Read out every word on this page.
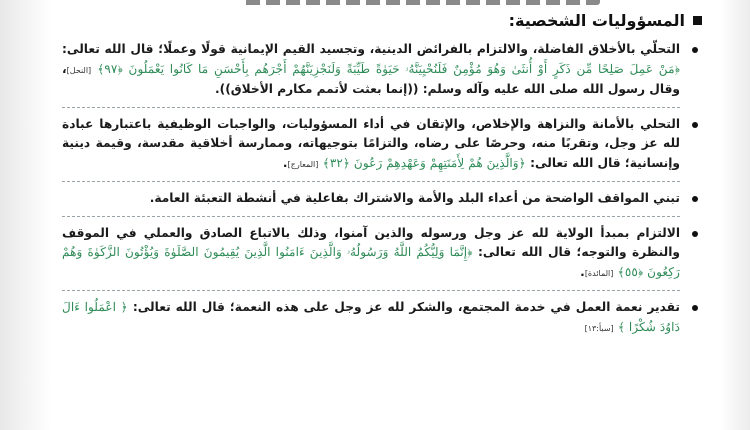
المسؤوليات الشخصية:
التحلّي بالأخلاق الفاضلة، والالتزام بالفرائض الدينية، وتجسيد القيم الإيمانية قولًا وعملًا؛ قال الله تعالى: ﴿مَنْ عَمِلَ صَلِحًا مِّن ذَكَرٍ أَوْ أُنثَىٰ وَهُوَ مُؤْمِنٌ فَلَنُحْيِيَنَّهُۥ حَيَوٰةً طَيِّبَةً وَلَنَجْزِيَنَّهُمْ أَجْرَهُم بِأَحْسَنِ مَا كَانُوا يَعْمَلُونَ ﴿٩٧﴾ [النحل]، وقال رسول الله صلى الله عليه وآله وسلم: ((إنما بعثت لأتمم مكارم الأخلاق)).
التحلي بالأمانة والنزاهة والإخلاص، والإتقان في أداء المسؤوليات، والواجبات الوظيفية باعتبارها عبادة لله عز وجل، وتقربًا منه، وحرصًا على رضاه، والتزامًا بتوجيهاته، وممارسة أخلاقية مقدسة، وقيمة دينية وإنسانية؛ قال الله تعالى: ﴿وَالَّذِينَ هُمْ لِأَمَنَتِهِمْ وَعَهْدِهِمْ رَعُونَ ﴿٣٢﴾ [المعارج].
تبني المواقف الواضحة من أعداء البلد والأمة والاشتراك بفاعلية في أنشطة التعبئة العامة.
الالتزام بمبدأ الولاية لله عز وجل ورسوله والذين آمنوا، وذلك بالاتباع الصادق والعملي في الموقف والنظرة والتوجه؛ قال الله تعالى: ﴿إِنَّمَا وَلِيُّكُمُ اللَّهُ وَرَسُولُهُۥ وَالَّذِينَ ءَامَنُوا الَّذِينَ يُقِيمُونَ الصَّلَوٰةَ وَيُؤْتُونَ الزَّكَوٰةَ وَهُمْ رَكِعُونَ ﴿٥٥﴾ [المائدة].
تقدير نعمة العمل في خدمة المجتمع، والشكر لله عز وجل على هذه النعمة؛ قال الله تعالى: ﴿ اعْمَلُوا ءَالَ دَاوُدَ شُكْرًا ﴾ [سبأ:١٣]
